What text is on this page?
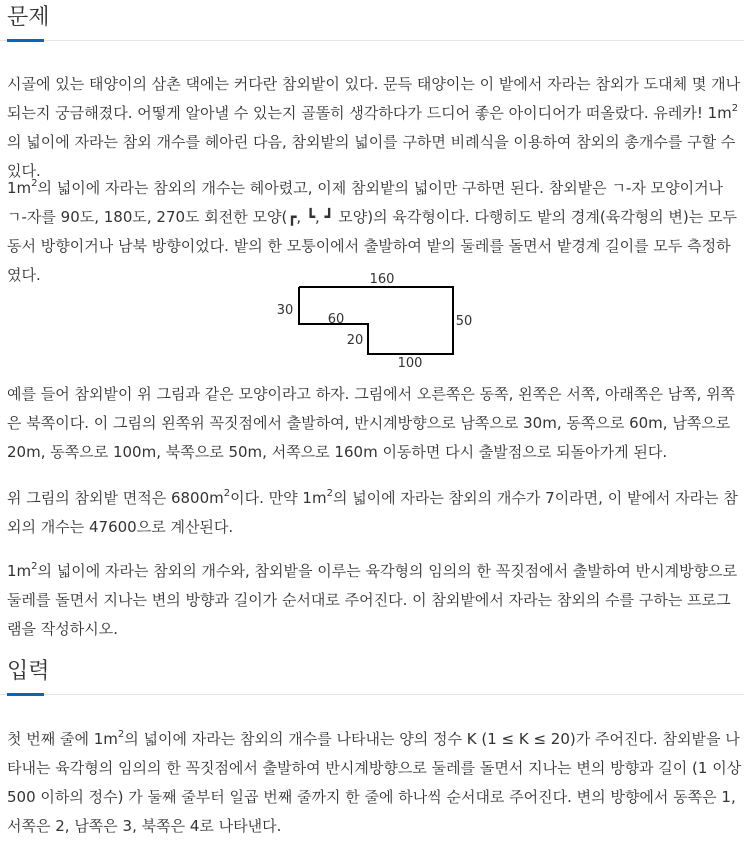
문제

시골에 있는 태양이의 삼촌 댁에는 커다란 참외밭이 있다. 문득 태양이는 이 밭에서 자라는 참외가 도대체 몇 개나 되는지 궁금해졌다. 어떻게 알아낼 수 있는지 골똘히 생각하다가 드디어 좋은 아이디어가 떠올랐다. 유레카! $1m^2$의 넓이에 자라는 참외 개수를 헤아린 다음, 참외밭의 넓이를 구하면 비례식을 이용하여 참외의 총개수를 구할 수 있다.

$1m^2$의 넓이에 자라는 참외의 개수는 헤아렸고, 이제 참외밭의 넓이만 구하면 된다. 참외밭은 ㄱ-자 모양이거나 ㄱ-자를 90도, 180도, 270도 회전한 모양(┏, ┗, ┛ 모양)의 육각형이다. 다행히도 밭의 경계(육각형의 변)는 모두 동서 방향이거나 남북 방향이었다. 밭의 한 모퉁이에서 출발하여 밭의 둘레를 돌면서 밭경계 길이를 모두 측정하였다.	160
30
60
20
50
100

예를 들어 참외밭이 위 그림과 같은 모양이라고 하자. 그림에서 오른쪽은 동쪽, 왼쪽은 서쪽, 아래쪽은 남쪽, 위쪽은 북쪽이다. 이 그림의 왼쪽위 꼭짓점에서 출발하여, 반시계방향으로 남쪽으로 30m, 동쪽으로 60m, 남쪽으로 20m, 동쪽으로 100m, 북쪽으로 50m, 서쪽으로 160m 이동하면 다시 출발점으로 되돌아가게 된다.

위 그림의 참외밭 면적은 $6800m^2$이다. 만약 $1m^2$의 넓이에 자라는 참외의 개수가 7이라면, 이 밭에서 자라는 참외의 개수는 47600으로 계산된다.

$1m^2$의 넓이에 자라는 참외의 개수와, 참외밭을 이루는 육각형의 임의의 한 꼭짓점에서 출발하여 반시계방향으로 둘레를 돌면서 지나는 변의 방향과 길이가 순서대로 주어진다. 이 참외밭에서 자라는 참외의 수를 구하는 프로그램을 작성하시오.

입력

첫 번째 줄에 $1m^2$의 넓이에 자라는 참외의 개수를 나타내는 양의 정수 K (1 ≤ K ≤ 20)가 주어진다. 참외밭을 나타내는 육각형의 임의의 한 꼭짓점에서 출발하여 반시계방향으로 둘레를 돌면서 지나는 변의 방향과 길이 (1 이상 500 이하의 정수) 가 둘째 줄부터 일곱 번째 줄까지 한 줄에 하나씩 순서대로 주어진다. 변의 방향에서 동쪽은 1, 서쪽은 2, 남쪽은 3, 북쪽은 4로 나타낸다.
